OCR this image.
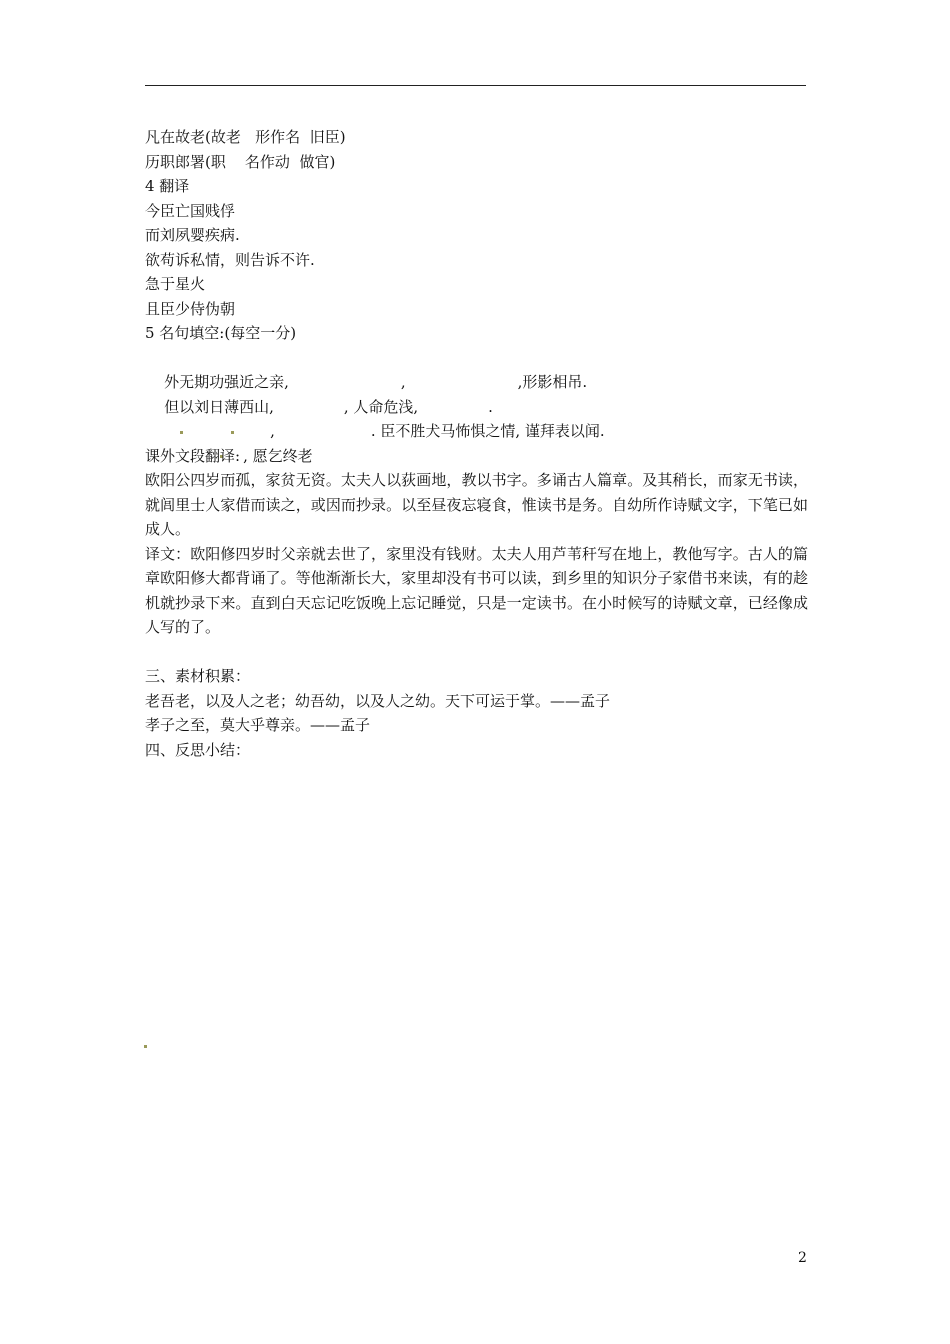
凡在故老(故老   形作名  旧臣)
历职郎署(职    名作动  做官)
4 翻译
今臣亡国贱俘
而刘夙婴疾病.
欲苟诉私情，则告诉不许.
急于星火
且臣少侍伪朝
5 名句填空:(每空一分)

外无期功强近之亲,	,	,形影相吊.

但以刘日薄西山,	, 人命危浅,	.

,	. 臣不胜犬马怖惧之情, 谨拜表以闻.

, 愿乞终老

课外文段翻译:
欧阳公四岁而孤，家贫无资。太夫人以荻画地，教以书字。多诵古人篇章。及其稍长，而家无书读，就闾里士人家借而读之，或因而抄录。以至昼夜忘寝食，惟读书是务。自幼所作诗赋文字，下笔已如成人。
译文：欧阳修四岁时父亲就去世了，家里没有钱财。太夫人用芦苇秆写在地上，教他写字。古人的篇章欧阳修大都背诵了。等他渐渐长大，家里却没有书可以读，到乡里的知识分子家借书来读，有的趁机就抄录下来。直到白天忘记吃饭晚上忘记睡觉，只是一定读书。在小时候写的诗赋文章，已经像成人写的了。
三、素材积累：
老吾老，以及人之老；幼吾幼，以及人之幼。天下可运于掌。——孟子
孝子之至，莫大乎尊亲。——孟子
四、反思小结：
2
